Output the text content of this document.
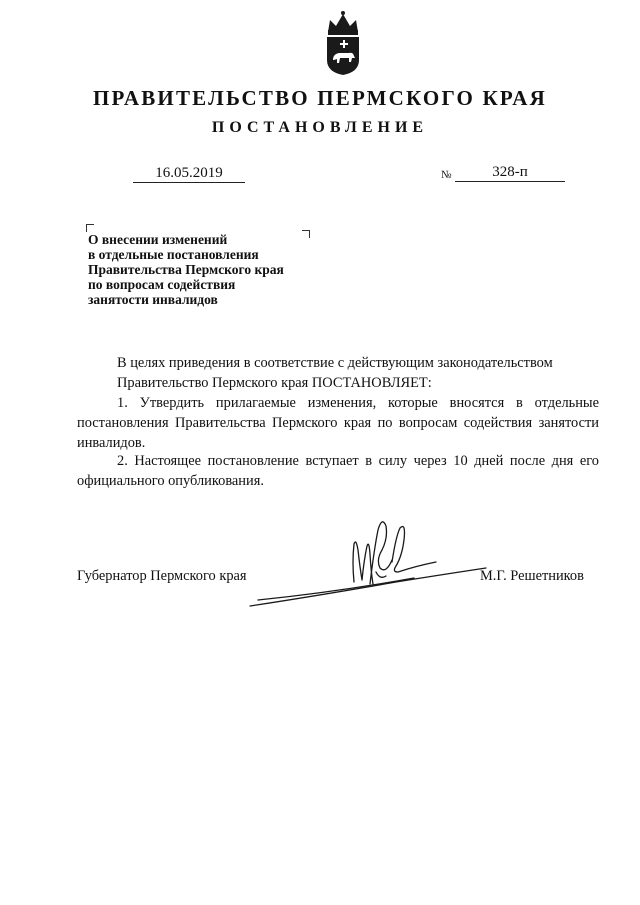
ПРАВИТЕЛЬСТВО ПЕРМСКОГО КРАЯ
ПОСТАНОВЛЕНИЕ
16.05.2019	№	328-п
О внесении изменений
в отдельные постановления
Правительства Пермского края
по вопросам содействия
занятости инвалидов
В целях приведения в соответствие с действующим законодательством
Правительство Пермского края ПОСТАНОВЛЯЕТ:
1. Утвердить прилагаемые изменения, которые вносятся в отдельные постановления Правительства Пермского края по вопросам содействия занятости инвалидов.
2. Настоящее постановление вступает в силу через 10 дней после дня его официального опубликования.
Губернатор Пермского края	М.Г. Решетников
